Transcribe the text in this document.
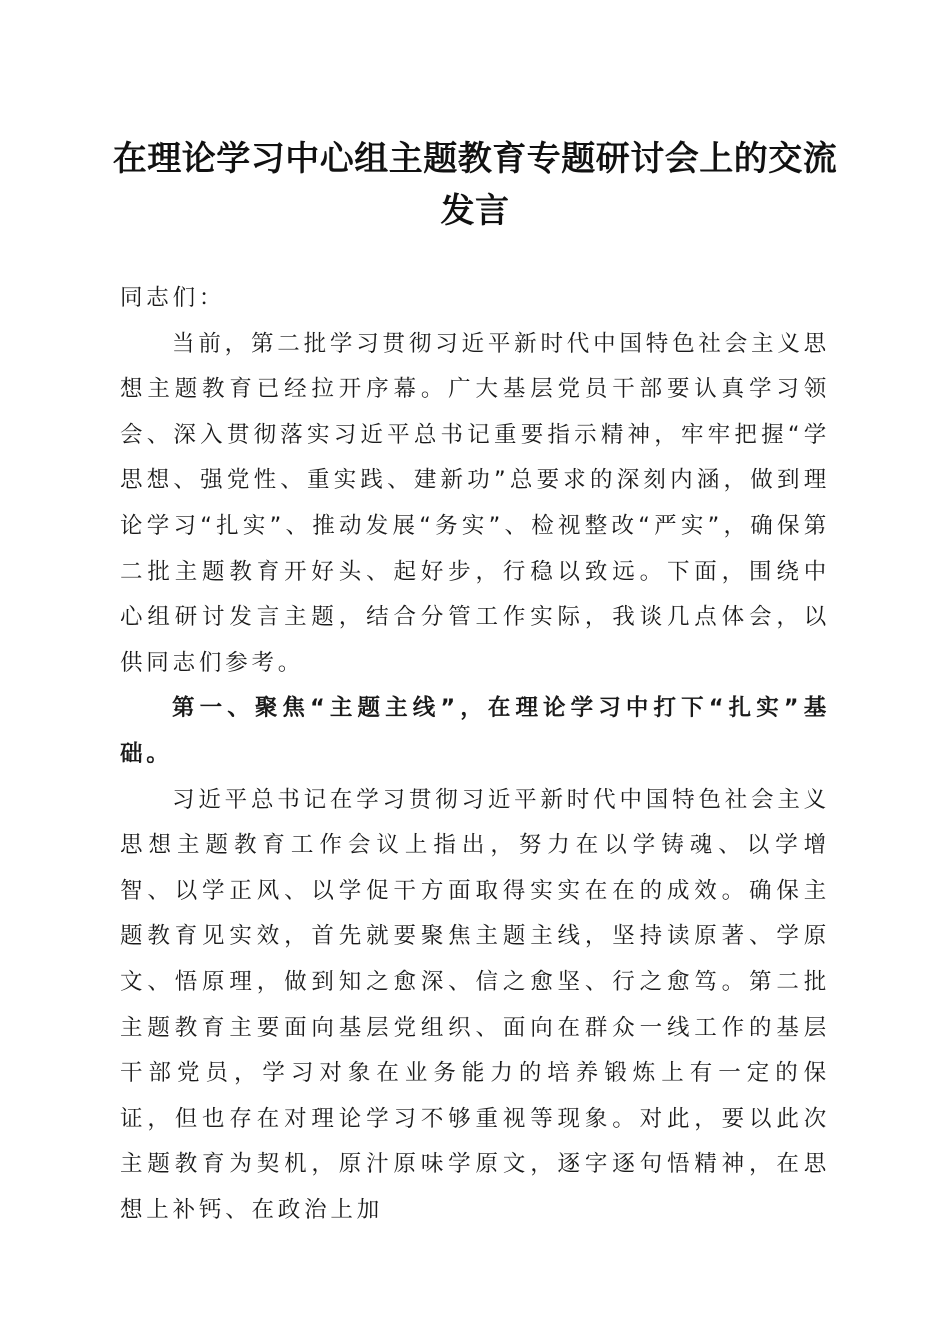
在理论学习中心组主题教育专题研讨会上的交流发言

同志们：

当前，第二批学习贯彻习近平新时代中国特色社会主义思想主题教育已经拉开序幕。广大基层党员干部要认真学习领会、深入贯彻落实习近平总书记重要指示精神，牢牢把握“学思想、强党性、重实践、建新功”总要求的深刻内涵，做到理论学习“扎实”、推动发展“务实”、检视整改“严实”，确保第二批主题教育开好头、起好步，行稳以致远。下面，围绕中心组研讨发言主题，结合分管工作实际，我谈几点体会，以供同志们参考。

第一、聚焦“主题主线”，在理论学习中打下“扎实”基础。

习近平总书记在学习贯彻习近平新时代中国特色社会主义思想主题教育工作会议上指出，努力在以学铸魂、以学增智、以学正风、以学促干方面取得实实在在的成效。确保主题教育见实效，首先就要聚焦主题主线，坚持读原著、学原文、悟原理，做到知之愈深、信之愈坚、行之愈笃。第二批主题教育主要面向基层党组织、面向在群众一线工作的基层干部党员，学习对象在业务能力的培养锻炼上有一定的保证，但也存在对理论学习不够重视等现象。对此，要以此次主题教育为契机，原汁原味学原文，逐字逐句悟精神，在思想上补钙、在政治上加
